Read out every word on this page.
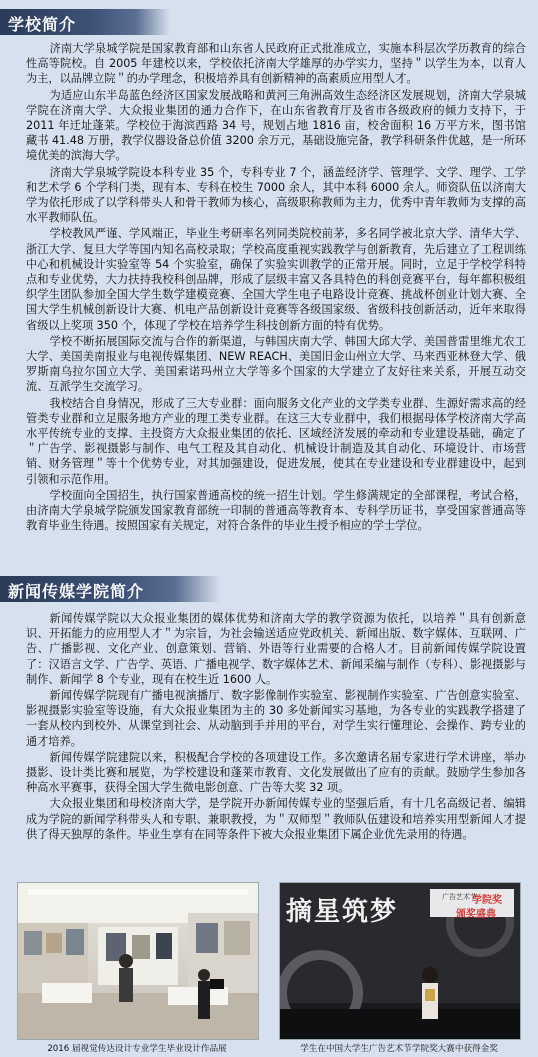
学校简介

济南大学泉城学院是国家教育部和山东省人民政府正式批准成立，实施本科层次学历教育的综合性高等院校。自 2005 年建校以来，学校依托济南大学雄厚的办学实力，坚持＂以学生为本，以育人为主，以品牌立院＂的办学理念，积极培养具有创新精神的高素质应用型人才。

为适应山东半岛蓝色经济区国家发展战略和黄河三角洲高效生态经济区发展规划，济南大学泉城学院在济南大学、大众报业集团的通力合作下，在山东省教育厅及省市各级政府的倾力支持下，于2011 年迁址蓬莱。学校位于海滨西路 34 号，规划占地 1816 亩，校舍面积 16 万平方米，图书馆藏书 41.48 万册，教学仪器设备总价值 3200 余万元，基础设施完备，教学科研条件优越，是一所环境优美的滨海大学。

济南大学泉城学院设本科专业 35 个，专科专业 7 个，涵盖经济学、管理学、文学、理学、工学和艺术学 6 个学科门类，现有本、专科在校生 7000 余人，其中本科 6000 余人。师资队伍以济南大学为依托形成了以学科带头人和骨干教师为核心，高级职称教师为主力，优秀中青年教师为支撑的高水平教师队伍。

学校教风严谨、学风端正，毕业生考研率名列同类院校前茅，多名同学被北京大学、清华大学、浙江大学、复旦大学等国内知名高校录取；学校高度重视实践教学与创新教育，先后建立了工程训练中心和机械设计实验室等 54 个实验室，确保了实验实训教学的正常开展。同时，立足于学校学科特点和专业优势，大力扶持我校科创品牌，形成了层级丰富又各具特色的科创竞赛平台，每年都积极组织学生团队参加全国大学生数学建模竞赛、全国大学生电子电路设计竞赛、挑战杯创业计划大赛、全国大学生机械创新设计大赛、机电产品创新设计竞赛等各级国家级、省级科技创新活动，近年来取得省级以上奖项 350 个，体现了学校在培养学生科技创新方面的特有优势。

学校不断拓展国际交流与合作的新渠道，与韩国庆南大学、韩国大邱大学、美国普雷里维尤农工大学、美国美南报业与电视传媒集团、NEW REACH、美国旧金山州立大学、马来西亚林登大学、俄罗斯南乌拉尔国立大学、美国索诺玛州立大学等多个国家的大学建立了友好往来关系，开展互动交流、互派学生交流学习。

我校结合自身情况，形成了三大专业群：面向服务文化产业的文学类专业群、生源好需求高的经管类专业群和立足服务地方产业的理工类专业群。在这三大专业群中，我们根据母体学校济南大学高水平传统专业的支撑、主投资方大众报业集团的依托、区域经济发展的牵动和专业建设基础，确定了＂广告学、影视摄影与制作、电气工程及其自动化、机械设计制造及其自动化、环境设计、市场营销、财务管理＂等十个优势专业，对其加强建设，促进发展，使其在专业建设和专业群建设中，起到引领和示范作用。

学校面向全国招生，执行国家普通高校的统一招生计划。学生修满规定的全部课程，考试合格，由济南大学泉城学院颁发国家教育部统一印制的普通高等教育本、专科学历证书，享受国家普通高等教育毕业生待遇。按照国家有关规定，对符合条件的毕业生授予相应的学士学位。

新闻传媒学院简介

新闻传媒学院以大众报业集团的媒体优势和济南大学的教学资源为依托，以培养＂具有创新意识、开拓能力的应用型人才＂为宗旨，为社会输送适应党政机关、新闻出版、数字媒体、互联网、广告、广播影视、文化产业、创意策划、营销、外语等行业需要的合格人才。目前新闻传媒学院设置了：汉语言文学、广告学、英语、广播电视学、数字媒体艺术、新闻采编与制作（专科）、影视摄影与制作、新闻学 8 个专业，现有在校生近 1600 人。

新闻传媒学院现有广播电视演播厅、数字影像制作实验室、影视制作实验室、广告创意实验室、影视摄影实验室等设施，有大众报业集团为主的 30 多处新闻实习基地，为各专业的实践教学搭建了一套从校内到校外、从课堂到社会、从动脑到手并用的平台，对学生实行懂理论、会操作、跨专业的通才培养。

新闻传媒学院建院以来，积极配合学校的各项建设工作。多次邀请名届专家进行学术讲座，举办摄影、设计类比赛和展览，为学校建设和蓬莱市教育、文化发展做出了应有的贡献。鼓励学生参加各种高水平赛事，获得全国大学生微电影创意、广告等大奖 32 项。

大众报业集团和母校济南大学，是学院开办新闻传媒专业的坚强后盾，有十几名高级记者、编辑成为学院的新闻学科带头人和专职、兼职教授，为＂双师型＂教师队伍建设和培养实用型新闻人才提供了得天独厚的条件。毕业生享有在同等条件下被大众报业集团下属企业优先录用的待遇。

2016 届视觉传达设计专业学生毕业设计作品展
摘星筑梦	学院奖
广告艺术节
颁奖盛典
学生在中国大学生广告艺术节学院奖大赛中获得金奖
